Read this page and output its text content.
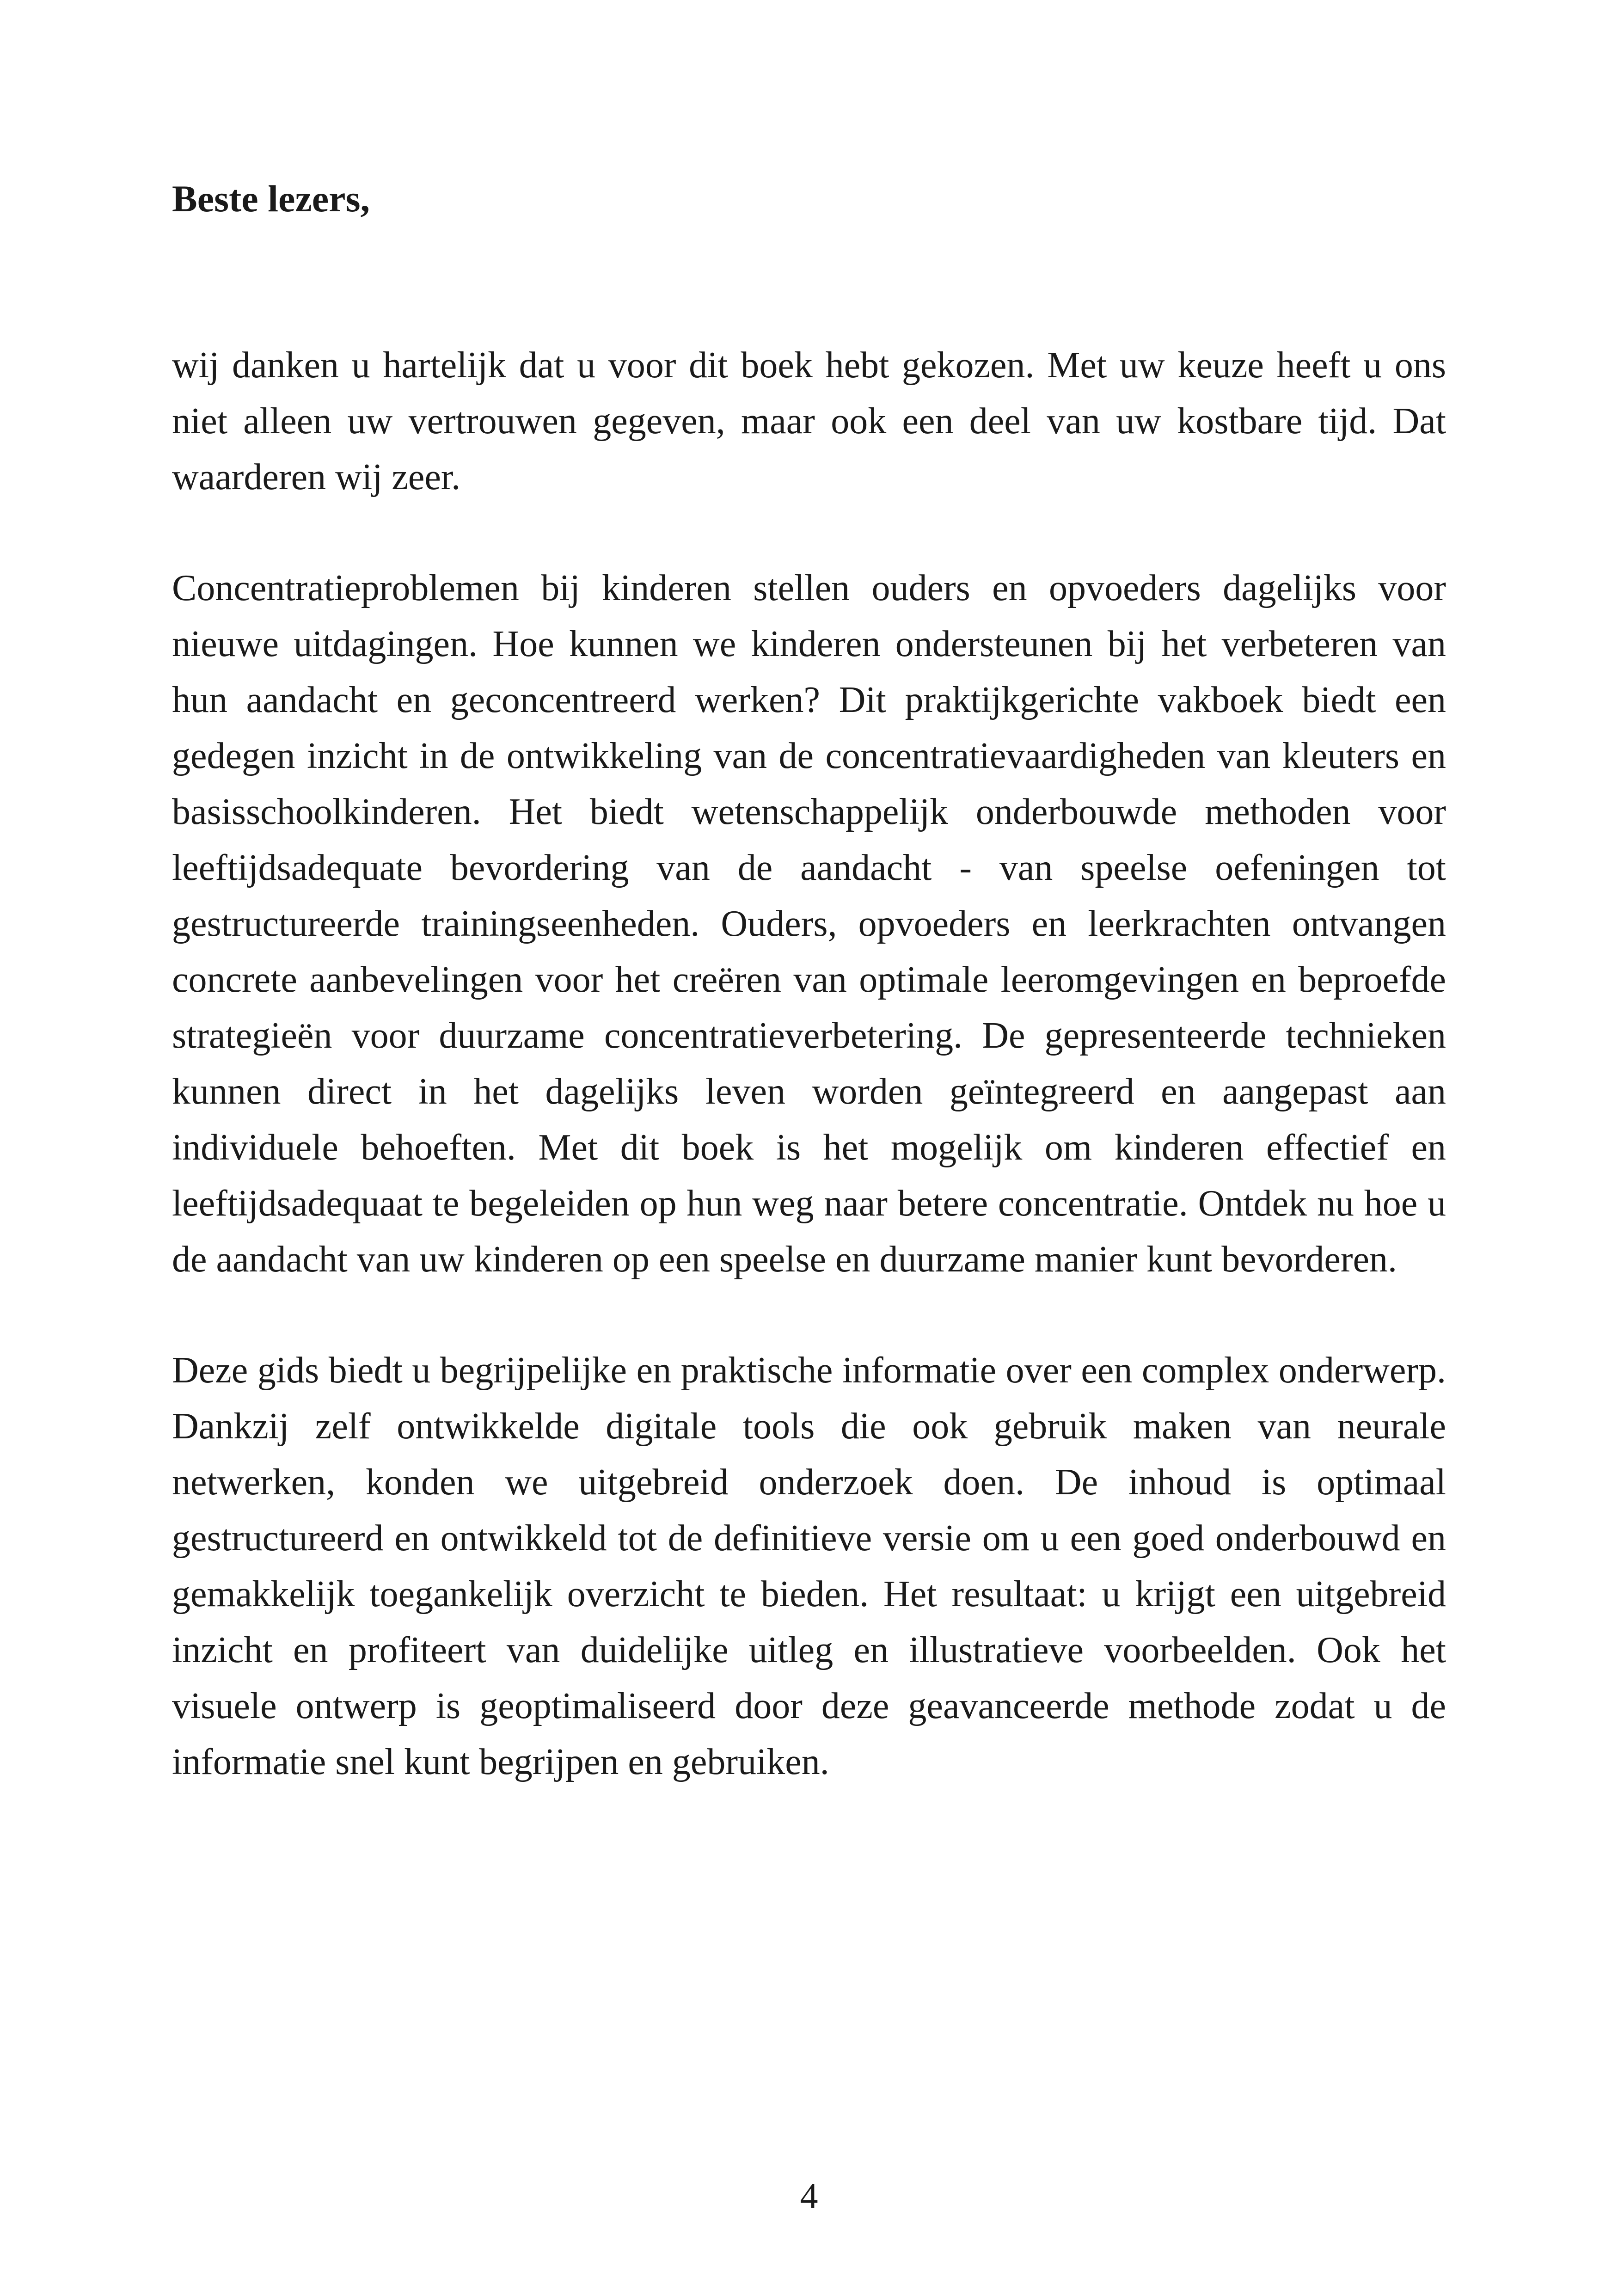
Beste lezers,

wij danken u hartelijk dat u voor dit boek hebt gekozen. Met uw keuze heeft u ons niet alleen uw vertrouwen gegeven, maar ook een deel van uw kostbare tijd. Dat waarderen wij zeer.

Concentratieproblemen bij kinderen stellen ouders en opvoeders dagelijks voor nieuwe uitdagingen. Hoe kunnen we kinderen ondersteunen bij het verbeteren van hun aandacht en geconcentreerd werken? Dit praktijkgerichte vakboek biedt een gedegen inzicht in de ontwikkeling van de concentratievaardigheden van kleuters en basisschoolkinderen. Het biedt wetenschappelijk onderbouwde methoden voor leeftijdsadequate bevordering van de aandacht - van speelse oefeningen tot gestructureerde trainingseenheden. Ouders, opvoeders en leerkrachten ontvangen concrete aanbevelingen voor het creëren van optimale leeromgevingen en beproefde strategieën voor duurzame concentratieverbetering. De gepresenteerde technieken kunnen direct in het dagelijks leven worden geïntegreerd en aangepast aan individuele behoeften. Met dit boek is het mogelijk om kinderen effectief en leeftijdsadequaat te begeleiden op hun weg naar betere concentratie. Ontdek nu hoe u de aandacht van uw kinderen op een speelse en duurzame manier kunt bevorderen.

Deze gids biedt u begrijpelijke en praktische informatie over een complex onderwerp. Dankzij zelf ontwikkelde digitale tools die ook gebruik maken van neurale netwerken, konden we uitgebreid onderzoek doen. De inhoud is optimaal gestructureerd en ontwikkeld tot de definitieve versie om u een goed onderbouwd en gemakkelijk toegankelijk overzicht te bieden. Het resultaat: u krijgt een uitgebreid inzicht en profiteert van duidelijke uitleg en illustratieve voorbeelden. Ook het visuele ontwerp is geoptimaliseerd door deze geavanceerde methode zodat u de informatie snel kunt begrijpen en gebruiken.

4
